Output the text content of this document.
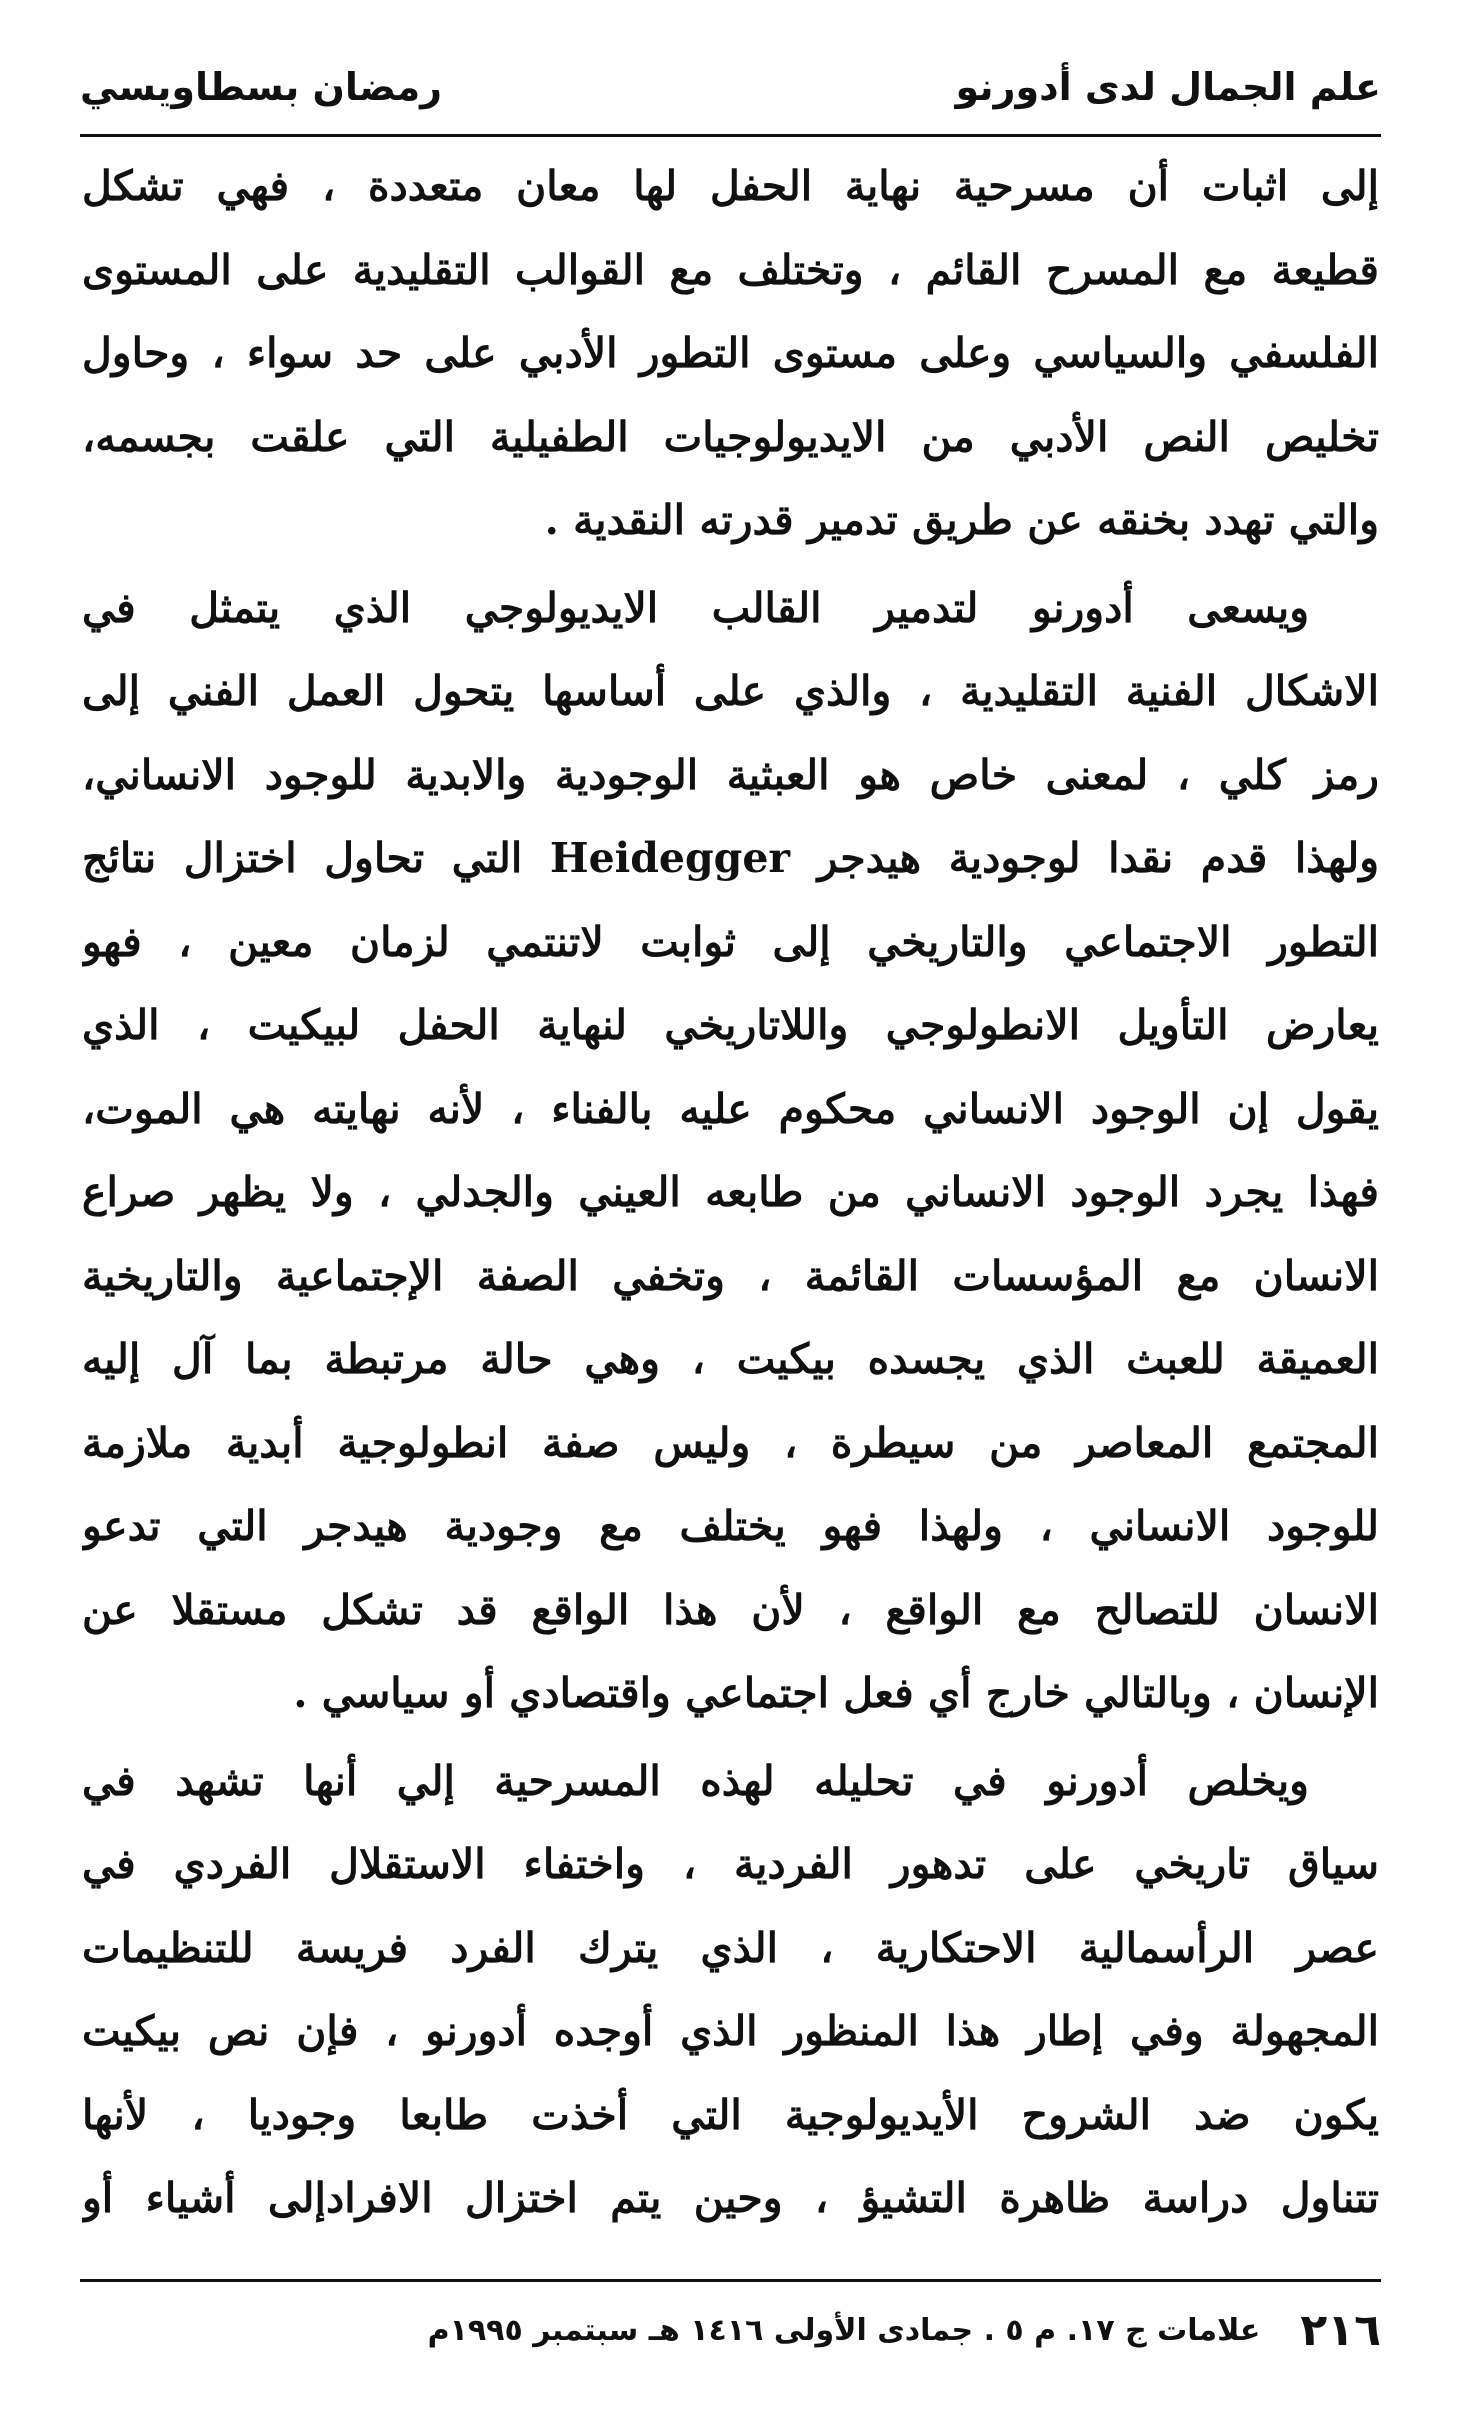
علم الجمال لدى أدورنو
رمضان بسطاويسي
إلى اثبات أن مسرحية نهاية الحفل لها معان متعددة ، فهي تشكل
قطيعة مع المسرح القائم ، وتختلف مع القوالب التقليدية على المستوى
الفلسفي والسياسي وعلى مستوى التطور الأدبي على حد سواء ، وحاول
تخليص النص الأدبي من الايديولوجيات الطفيلية التي علقت بجسمه،
والتي تهدد بخنقه عن طريق تدمير قدرته النقدية .
ويسعى أدورنو لتدمير القالب الايديولوجي الذي يتمثل في
الاشكال الفنية التقليدية ، والذي على أساسها يتحول العمل الفني إلى
رمز كلي ، لمعنى خاص هو العبثية الوجودية والابدية للوجود الانساني،
ولهذا قدم نقدا لوجودية هيدجر Heidegger التي تحاول اختزال نتائج
التطور الاجتماعي والتاريخي إلى ثوابت لاتنتمي لزمان معين ، فهو
يعارض التأويل الانطولوجي واللاتاريخي لنهاية الحفل لبيكيت ، الذي
يقول إن الوجود الانساني محكوم عليه بالفناء ، لأنه نهايته هي الموت،
فهذا يجرد الوجود الانساني من طابعه العيني والجدلي ، ولا يظهر صراع
الانسان مع المؤسسات القائمة ، وتخفي الصفة الإجتماعية والتاريخية
العميقة للعبث الذي يجسده بيكيت ، وهي حالة مرتبطة بما آل إليه
المجتمع المعاصر من سيطرة ، وليس صفة انطولوجية أبدية ملازمة
للوجود الانساني ، ولهذا فهو يختلف مع وجودية هيدجر التي تدعو
الانسان للتصالح مع الواقع ، لأن هذا الواقع قد تشكل مستقلا عن
الإنسان ، وبالتالي خارج أي فعل اجتماعي واقتصادي أو سياسي .
ويخلص أدورنو في تحليله لهذه المسرحية إلي أنها تشهد في
سياق تاريخي على تدهور الفردية ، واختفاء الاستقلال الفردي في
عصر الرأسمالية الاحتكارية ، الذي يترك الفرد فريسة للتنظيمات
المجهولة وفي إطار هذا المنظور الذي أوجده أدورنو ، فإن نص بيكيت
يكون ضد الشروح الأيديولوجية التي أخذت طابعا وجوديا ، لأنها
تتناول دراسة ظاهرة التشيؤ ، وحين يتم اختزال الافرادإلى أشياء أو
٢١٦
علامات ج ١٧. م ٥ . جمادى الأولى ١٤١٦ هـ سبتمبر ١٩٩٥م
